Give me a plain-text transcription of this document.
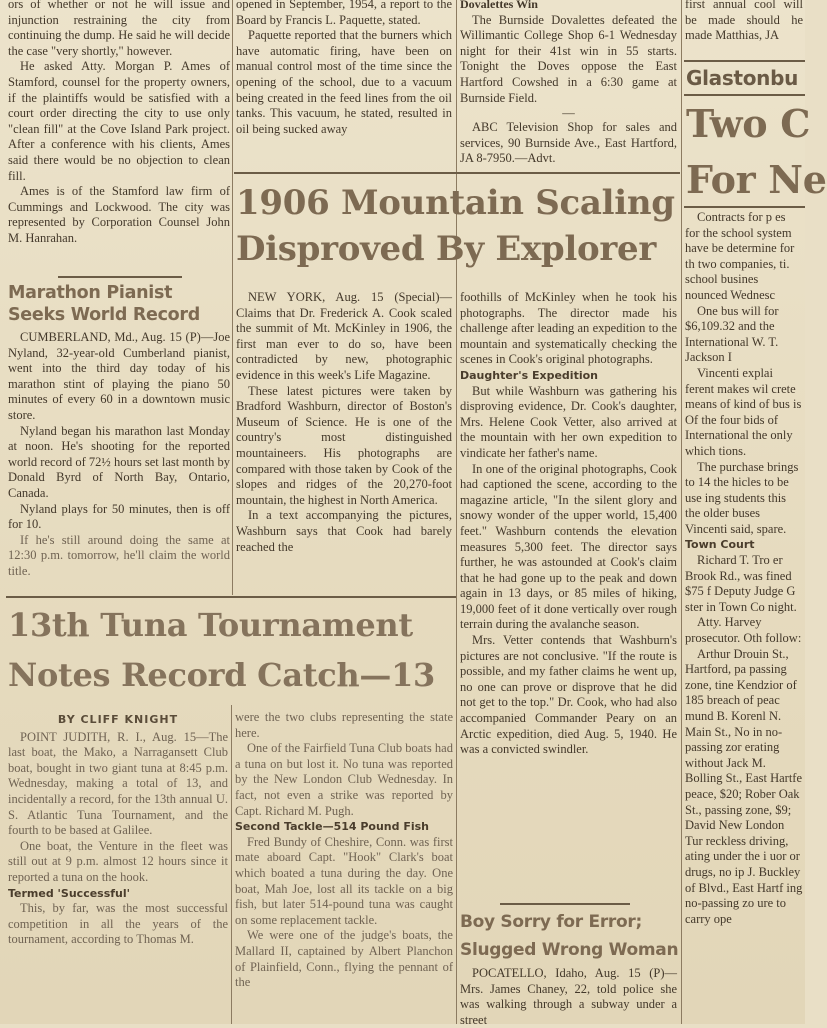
ors of whether or not he will issue and injunction restraining the city from continuing the dump. He said he will decide the case "very shortly," however.

He asked Atty. Morgan P. Ames of Stamford, counsel for the property owners, if the plaintiffs would be satisfied with a court order directing the city to use only "clean fill" at the Cove Island Park project. After a conference with his clients, Ames said there would be no objection to clean fill.

Ames is of the Stamford law firm of Cummings and Lockwood. The city was represented by Corporation Counsel John M. Hanrahan.

Marathon Pianist Seeks World Record

CUMBERLAND, Md., Aug. 15 (P)—Joe Nyland, 32-year-old Cumberland pianist, went into the third day today of his marathon stint of playing the piano 50 minutes of every 60 in a downtown music store.

Nyland began his marathon last Monday at noon. He's shooting for the reported world record of 72½ hours set last month by Donald Byrd of North Bay, Ontario, Canada.

Nyland plays for 50 minutes, then is off for 10.

If he's still around doing the same at 12:30 p.m. tomorrow, he'll claim the world title.

opened in September, 1954, a report to the Board by Francis L. Paquette, stated.

Paquette reported that the burners which have automatic firing, have been on manual control most of the time since the opening of the school, due to a vacuum being created in the feed lines from the oil tanks. This vacuum, he stated, resulted in oil being sucked away

Dovalettes Win

The Burnside Dovalettes defeated the Willimantic College Shop 6-1 Wednesday night for their 41st win in 55 starts. Tonight the Doves oppose the East Hartford Cowshed in a 6:30 game at Burnside Field.

—

ABC Television Shop for sales and services, 90 Burnside Ave., East Hartford, JA 8-7950.—Advt.

1906 Mountain Scaling
Disproved By Explorer

NEW YORK, Aug. 15 (Special)—Claims that Dr. Frederick A. Cook scaled the summit of Mt. McKinley in 1906, the first man ever to do so, have been contradicted by new, photographic evidence in this week's Life Magazine.

These latest pictures were taken by Bradford Washburn, director of Boston's Museum of Science. He is one of the country's most distinguished mountaineers. His photographs are compared with those taken by Cook of the slopes and ridges of the 20,270-foot mountain, the highest in North America.

In a text accompanying the pictures, Washburn says that Cook had barely reached the

foothills of McKinley when he took his photographs. The director made his challenge after leading an expedition to the mountain and systematically checking the scenes in Cook's original photographs.

Daughter's Expedition

But while Washburn was gathering his disproving evidence, Dr. Cook's daughter, Mrs. Helene Cook Vetter, also arrived at the mountain with her own expedition to vindicate her father's name.

In one of the original photographs, Cook had captioned the scene, according to the magazine article, "In the silent glory and snowy wonder of the upper world, 15,400 feet." Washburn contends the elevation measures 5,300 feet. The director says further, he was astounded at Cook's claim that he had gone up to the peak and down again in 13 days, or 85 miles of hiking, 19,000 feet of it done vertically over rough terrain during the avalanche season.

Mrs. Vetter contends that Washburn's pictures are not conclusive. "If the route is possible, and my father claims he went up, no one can prove or disprove that he did not get to the top." Dr. Cook, who had also accompanied Commander Peary on an Arctic expedition, died Aug. 5, 1940. He was a convicted swindler.

13th Tuna Tournament
Notes Record Catch—13
BY CLIFF KNIGHT

POINT JUDITH, R. I., Aug. 15—The last boat, the Mako, a Narragansett Club boat, bought in two giant tuna at 8:45 p.m. Wednesday, making a total of 13, and incidentally a record, for the 13th annual U. S. Atlantic Tuna Tournament, and the fourth to be based at Galilee.

One boat, the Venture in the fleet was still out at 9 p.m. almost 12 hours since it reported a tuna on the hook.

Termed 'Successful'

This, by far, was the most successful competition in all the years of the tournament, according to Thomas M.

were the two clubs representing the state here.

One of the Fairfield Tuna Club boats had a tuna on but lost it. No tuna was reported by the New London Club Wednesday. In fact, not even a strike was reported by Capt. Richard M. Pugh.

Second Tackle—514 Pound Fish

Fred Bundy of Cheshire, Conn. was first mate aboard Capt. "Hook" Clark's boat which boated a tuna during the day. One boat, Mah Joe, lost all its tackle on a big fish, but later 514-pound tuna was caught on some replacement tackle.

We were one of the judge's boats, the Mallard II, captained by Albert Planchon of Plainfield, Conn., flying the pennant of the

Boy Sorry for Error;
Slugged Wrong Woman

POCATELLO, Idaho, Aug. 15 (P)—Mrs. James Chaney, 22, told police she was walking through a subway under a street

first annual cool will be made should he made Matthias, JA

Glastonbu
Two C
For Ne

Contracts for p es for the school system have be determine for th two companies, ti. school busines nounced Wednesc

One bus will for $6,109.32 and the International W. T. Jackson I

Vincenti explai ferent makes wil crete means of kind of bus is Of the four bids of International the only which tions.

The purchase brings to 14 the hicles to be use ing students this the older buses Vincenti said, spare.

Town Court

Richard T. Tro er Brook Rd., was fined $75 f Deputy Judge G ster in Town Co night.

Atty. Harvey prosecutor. Oth follow:

Arthur Drouin St., Hartford, pa passing zone, tine Kendzior of 185 breach of peac mund B. Korenl N. Main St., No in no-passing zor erating without Jack M. Bolling St., East Hartfe peace, $20; Rober Oak St., passing zone, $9; David New London Tur reckless driving, ating under the i uor or drugs, no ip J. Buckley of Blvd., East Hartf ing no-passing zo ure to carry ope
